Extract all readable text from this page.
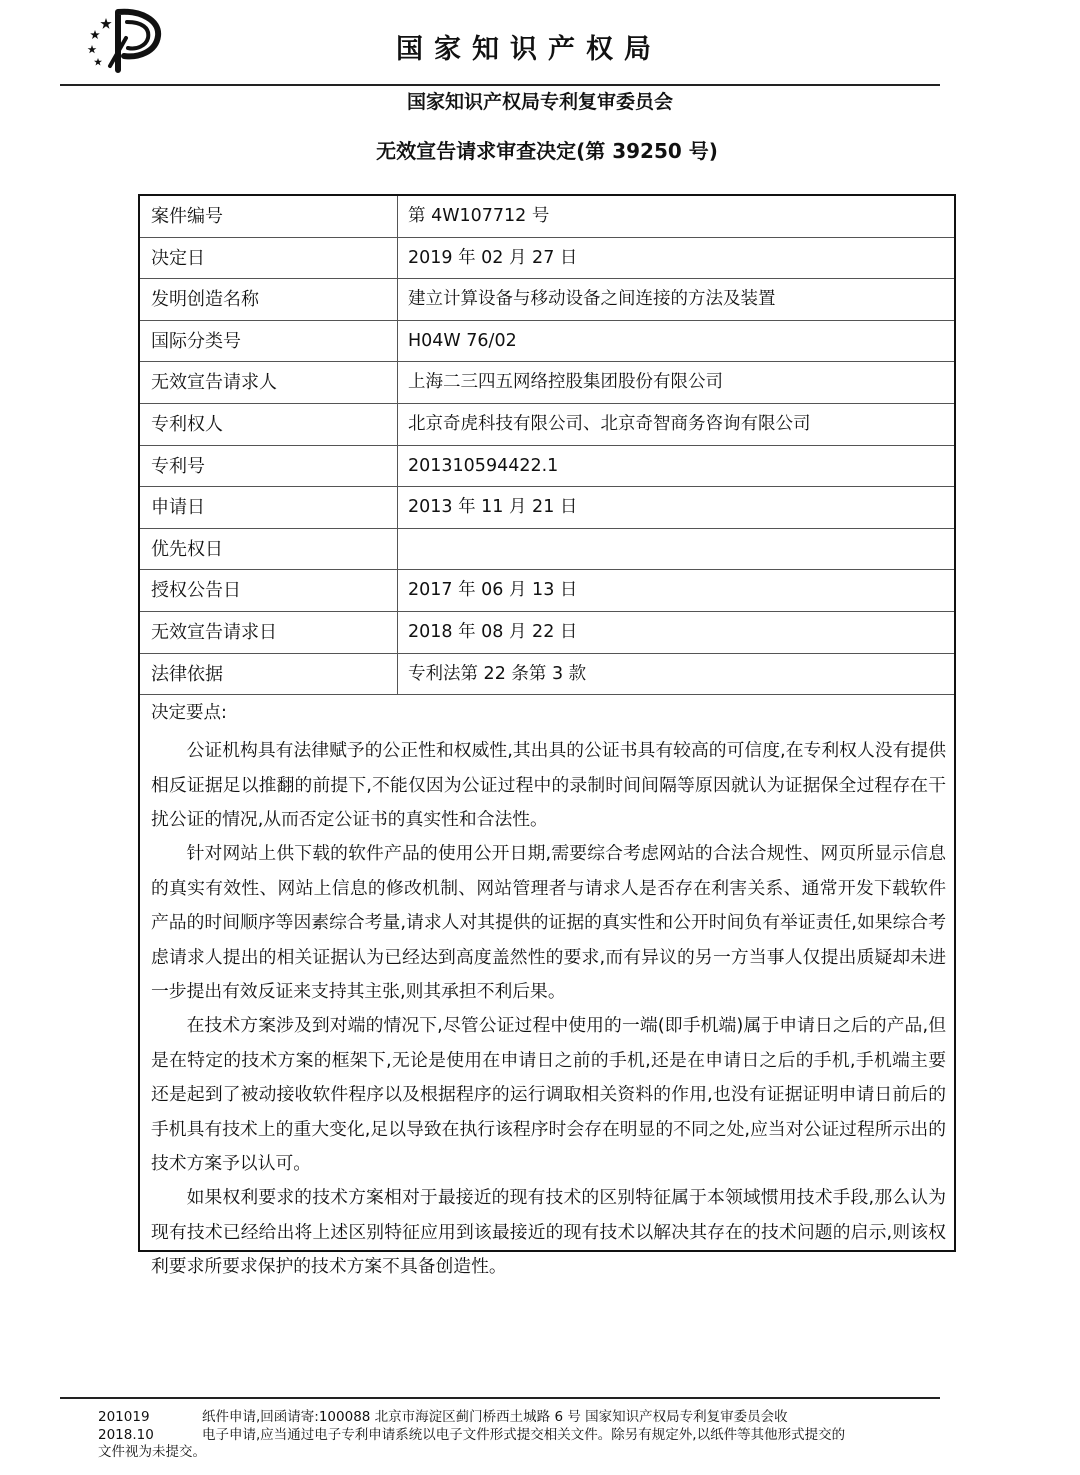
国家知识产权局
国家知识产权局专利复审委员会
无效宣告请求审查决定(第 39250 号)
案件编号	第 4W107712 号
决定日	2019 年 02 月 27 日
发明创造名称	建立计算设备与移动设备之间连接的方法及装置
国际分类号	H04W 76/02
无效宣告请求人	上海二三四五网络控股集团股份有限公司
专利权人	北京奇虎科技有限公司、北京奇智商务咨询有限公司
专利号	201310594422.1
申请日	2013 年 11 月 21 日
优先权日
授权公告日	2017 年 06 月 13 日
无效宣告请求日	2018 年 08 月 22 日
法律依据	专利法第 22 条第 3 款
决定要点:

公证机构具有法律赋予的公正性和权威性,其出具的公证书具有较高的可信度,在专利权人没有提供相反证据足以推翻的前提下,不能仅因为公证过程中的录制时间间隔等原因就认为证据保全过程存在干扰公证的情况,从而否定公证书的真实性和合法性。

针对网站上供下载的软件产品的使用公开日期,需要综合考虑网站的合法合规性、网页所显示信息的真实有效性、网站上信息的修改机制、网站管理者与请求人是否存在利害关系、通常开发下载软件产品的时间顺序等因素综合考量,请求人对其提供的证据的真实性和公开时间负有举证责任,如果综合考虑请求人提出的相关证据认为已经达到高度盖然性的要求,而有异议的另一方当事人仅提出质疑却未进一步提出有效反证来支持其主张,则其承担不利后果。

在技术方案涉及到对端的情况下,尽管公证过程中使用的一端(即手机端)属于申请日之后的产品,但是在特定的技术方案的框架下,无论是使用在申请日之前的手机,还是在申请日之后的手机,手机端主要还是起到了被动接收软件程序以及根据程序的运行调取相关资料的作用,也没有证据证明申请日前后的手机具有技术上的重大变化,足以导致在执行该程序时会存在明显的不同之处,应当对公证过程所示出的技术方案予以认可。

如果权利要求的技术方案相对于最接近的现有技术的区别特征属于本领域惯用技术手段,那么认为现有技术已经给出将上述区别特征应用到该最接近的现有技术以解决其存在的技术问题的启示,则该权利要求所要求保护的技术方案不具备创造性。

201019	纸件申请,回函请寄:100088 北京市海淀区蓟门桥西土城路 6 号 国家知识产权局专利复审委员会收
2018.10	电子申请,应当通过电子专利申请系统以电子文件形式提交相关文件。除另有规定外,以纸件等其他形式提交的
文件视为未提交。
